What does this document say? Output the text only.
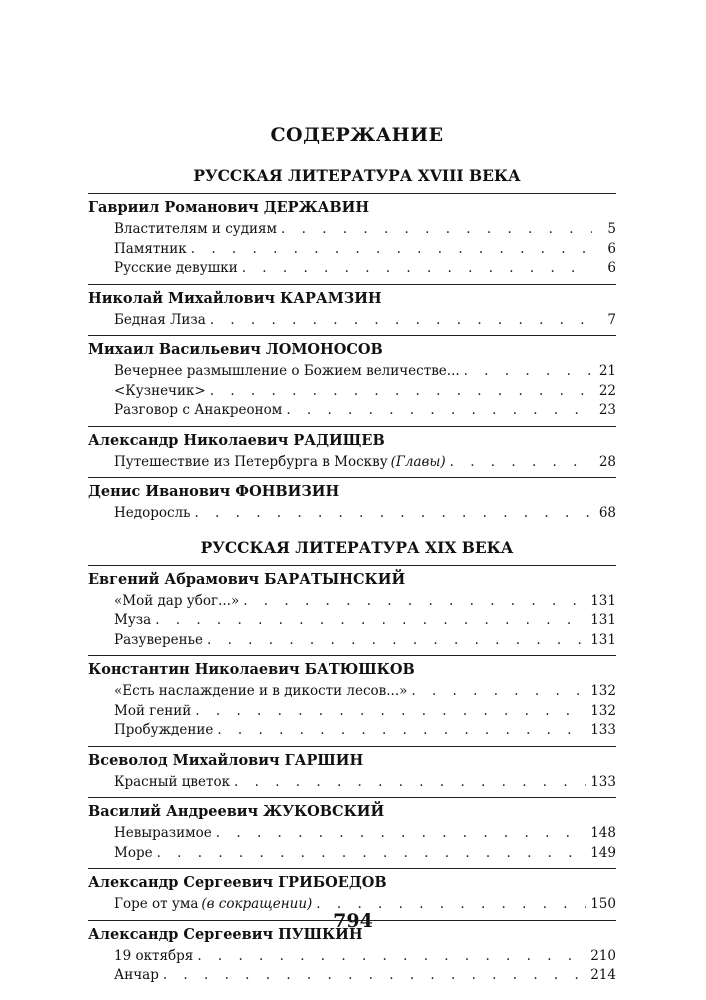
СОДЕРЖАНИЕ
РУССКАЯ ЛИТЕРАТУРА XVIII ВЕКА
Гавриил Романович ДЕРЖАВИН
Властителям и судиям . . .	5
Памятник . . .	6
Русские девушки . . .	6
Николай Михайлович КАРАМЗИН
Бедная Лиза . . .	7
Михаил Васильевич ЛОМОНОСОВ
Вечернее размышление о Божием величестве... . . .	21
<Кузнечик> . . .	22
Разговор с Анакреоном . . .	23
Александр Николаевич РАДИЩЕВ
Путешествие из Петербурга в Москву (Главы) . . .	28
Денис Иванович ФОНВИЗИН
Недоросль . . .	68
РУССКАЯ ЛИТЕРАТУРА XIX ВЕКА
Евгений Абрамович БАРАТЫНСКИЙ
«Мой дар убог...» . . .	131
Муза . . .	131
Разуверенье . . .	131
Константин Николаевич БАТЮШКОВ
«Есть наслаждение и в дикости лесов...» . . .	132
Мой гений . . .	132
Пробуждение . . .	133
Всеволод Михайлович ГАРШИН
Красный цветок . . .	133
Василий Андреевич ЖУКОВСКИЙ
Невыразимое . . .	148
Море . . .	149
Александр Сергеевич ГРИБОЕДОВ
Горе от ума (в сокращении) . . .	150
Александр Сергеевич ПУШКИН
19 октября . . .	210
Анчар . . .	214
794
